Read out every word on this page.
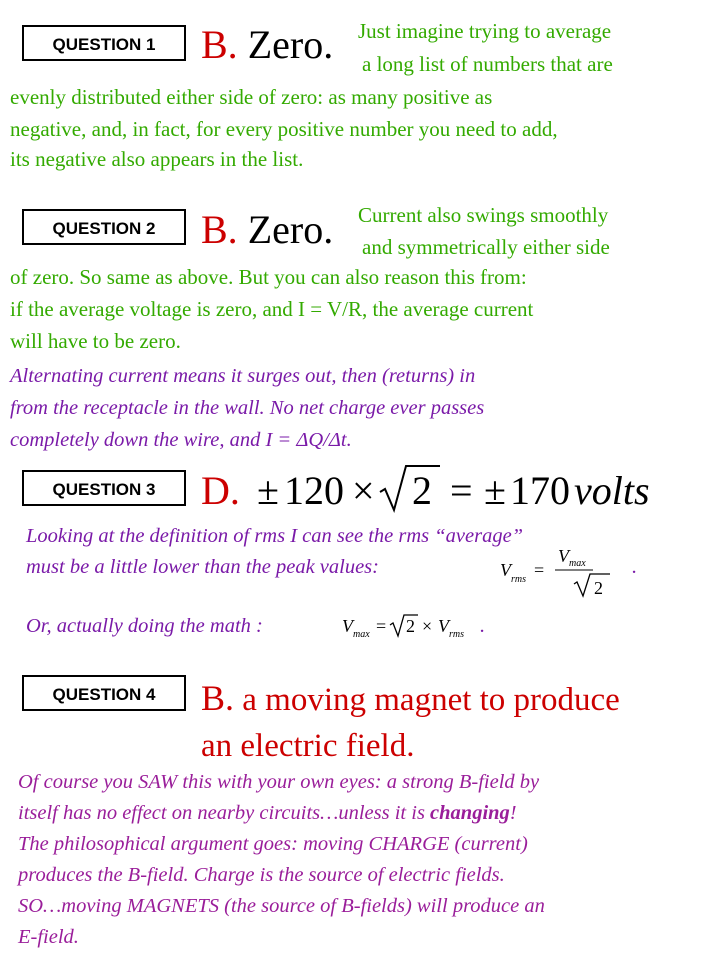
QUESTION 1	B. Zero. Just imagine trying to average
a long list of numbers that are
evenly distributed either side of zero: as many positive as
negative, and, in fact, for every positive number you need to add,
its negative also appears in the list.
QUESTION 2	B. Zero. Current also swings smoothly
and symmetrically either side
of zero. So same as above. But you can also reason this from:
if the average voltage is zero, and I = V/R, the average current
will have to be zero.
Alternating current means it surges out, then (returns) in
from the receptacle in the wall. No net charge ever passes
completely down the wire, and I = ΔQ/Δt.
QUESTION 3	D. ± 120 × 2 = ± 170 volts
Looking at the definition of rms I can see the rms “average”
must be a little lower than the peak values:	V rms =
V max
2
.
Or, actually doing the math :	V max = 2 × V rms .
QUESTION 4	B. a moving magnet to produce
an electric field.
Of course you SAW this with your own eyes: a strong B-field by
itself has no effect on nearby circuits…unless it is changing!
The philosophical argument goes: moving CHARGE (current)
produces the B-field. Charge is the source of electric fields.
SO…moving MAGNETS (the source of B-fields) will produce an
E-field.
